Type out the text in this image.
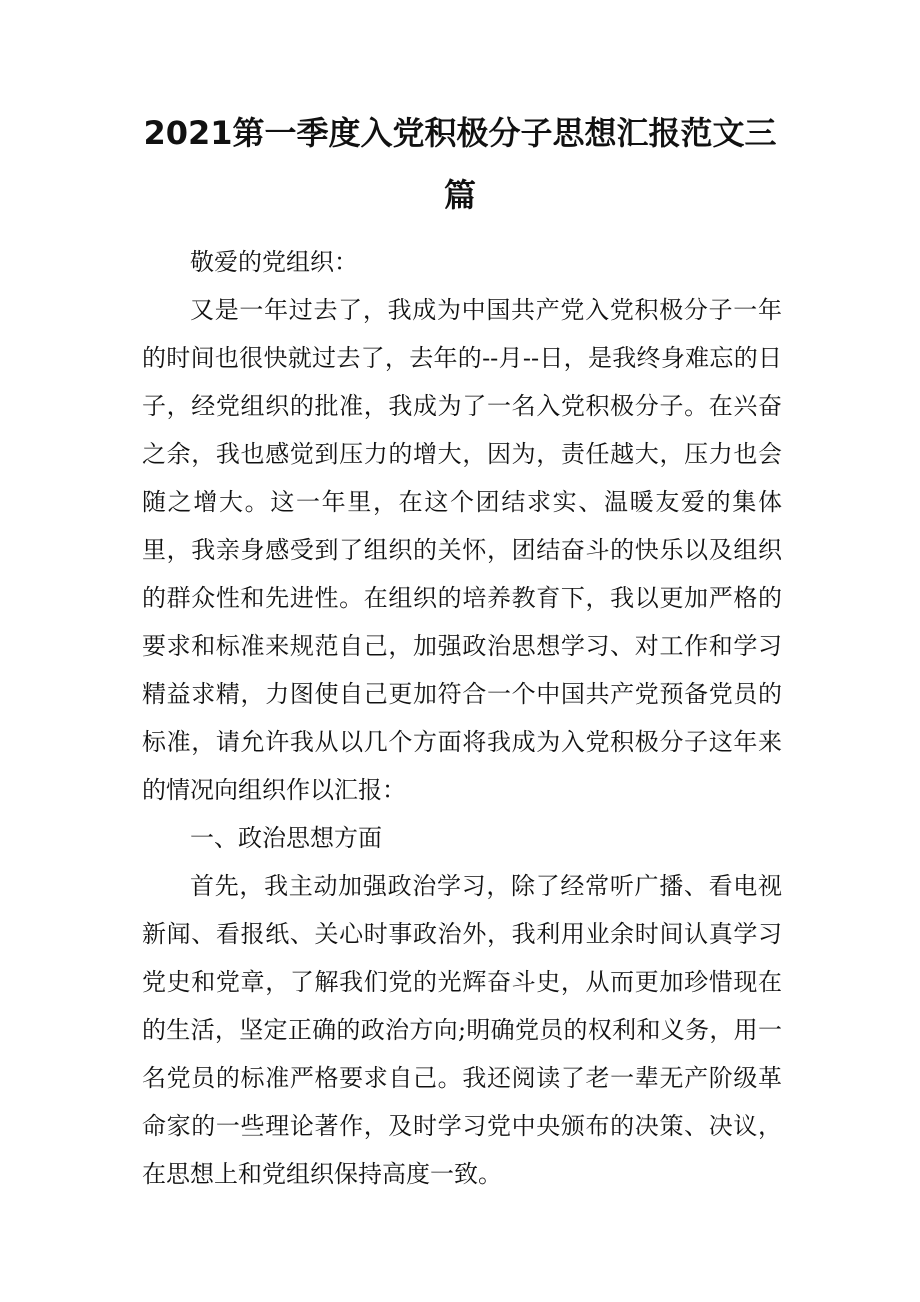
2021第一季度入党积极分子思想汇报范文三
篇

敬爱的党组织：

又是一年过去了，我成为中国共产党入党积极分子一年的时间也很快就过去了，去年的--月--日，是我终身难忘的日子，经党组织的批准，我成为了一名入党积极分子。在兴奋之余，我也感觉到压力的增大，因为，责任越大，压力也会随之增大。这一年里，在这个团结求实、温暖友爱的集体里，我亲身感受到了组织的关怀，团结奋斗的快乐以及组织的群众性和先进性。在组织的培养教育下，我以更加严格的要求和标准来规范自己，加强政治思想学习、对工作和学习精益求精，力图使自己更加符合一个中国共产党预备党员的标准，请允许我从以几个方面将我成为入党积极分子这年来的情况向组织作以汇报：

一、政治思想方面

首先，我主动加强政治学习，除了经常听广播、看电视新闻、看报纸、关心时事政治外，我利用业余时间认真学习党史和党章，了解我们党的光辉奋斗史，从而更加珍惜现在的生活，坚定正确的政治方向;明确党员的权利和义务，用一名党员的标准严格要求自己。我还阅读了老一辈无产阶级革命家的一些理论著作，及时学习党中央颁布的决策、决议，在思想上和党组织保持高度一致。
